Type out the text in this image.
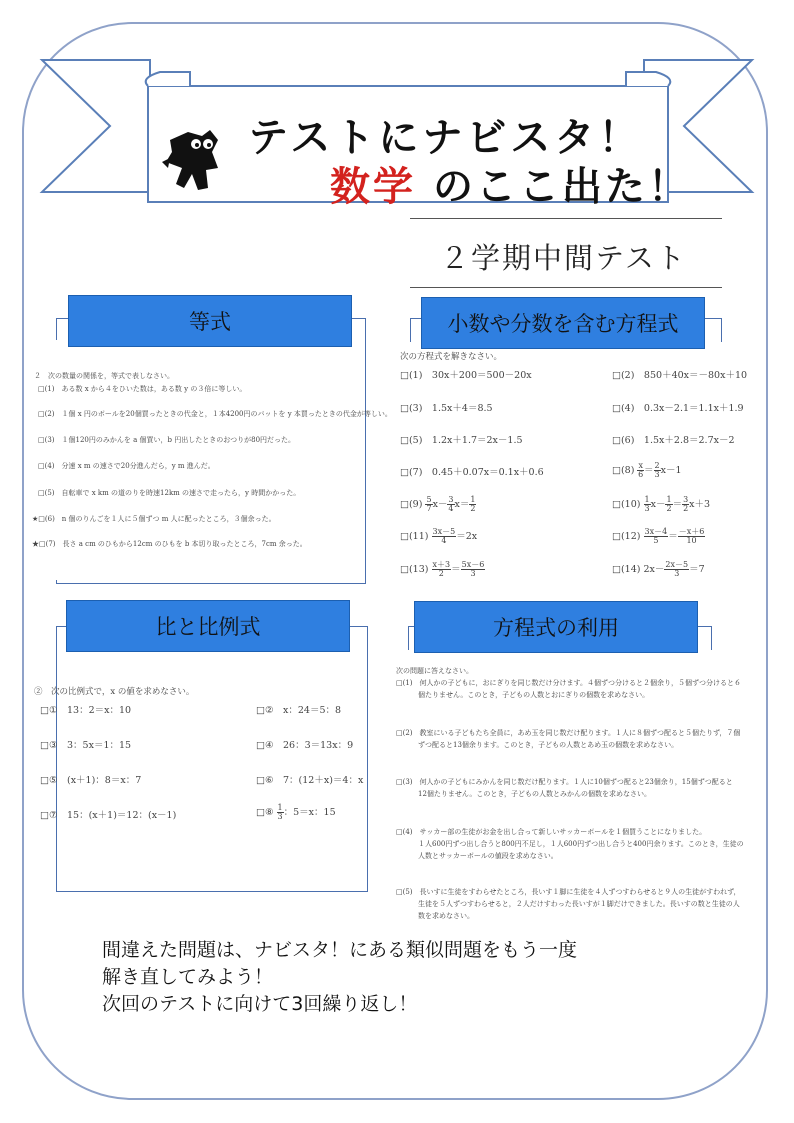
テストにナビスタ！
数学 のここ出た！
２学期中間テスト
等式
２　次の数量の関係を，等式で表しなさい。
□(1)　ある数 x から４をひいた数は，ある数 y の３倍に等しい。
□(2)　１個 x 円のボールを20個買ったときの代金と，１本4200円のバットを y 本買ったときの代金が等しい。
□(3)　１個120円のみかんを a 個買い，b 円出したときのおつりが80円だった。
□(4)　分速 x m の速さで20分進んだら，y m 進んだ。
□(5)　自転車で x km の道のりを時速12km の速さで走ったら，y 時間かかった。
★□(6)　n 個のりんごを１人に５個ずつ m 人に配ったところ，３個余った。
★□(7)　長さ a cm のひもから12cm のひもを b 本切り取ったところ，7cm 余った。
小数や分数を含む方程式
次の方程式を解きなさい。
□(1)　30x＋200＝500－20x	□(2)　850＋40x＝－80x＋10
□(3)　1.5x＋4＝8.5	□(4)　0.3x－2.1＝1.1x＋1.9
□(5)　1.2x＋1.7＝2x－1.5	□(6)　1.5x＋2.8＝2.7x－2
□(7)　0.45＋0.07x＝0.1x＋0.6	□(8) $\frac{x}{6} = \frac{2}{3} x-1$
□(9) $\frac{5}{7} x- \frac{3}{4} x= \frac{1}{2}$	□(10) $\frac{1}{3} x- \frac{1}{2} = \frac{3}{2} x+3$
□(11) $\frac{3x-5}{4} =2x$	□(12) $\frac{3x-4}{5} = \frac{-x+6}{10}$
□(13) $\frac{x+3}{2} = \frac{5x-6}{3}$	□(14) $2x- \frac{2x-5}{3} =7$
比と比例式
②　次の比例式で，x の値を求めなさい。
□①　13：2＝x：10	□②　x：24＝5：8
□③　3：5x＝1：15	□④　26：3＝13x：9
□⑤　(x＋1)：8＝x：7	□⑥　7：(12＋x)＝4：x
□⑦　15：(x＋1)＝12：(x－1)	□⑧ $\frac{1}{3}$ ：5＝x：15
方程式の利用
次の問題に答えなさい。
□(1)　何人かの子どもに，おにぎりを同じ数だけ分けます。４個ずつ分けると２個余り，５個ずつ分けると６
個たりません。このとき，子どもの人数とおにぎりの個数を求めなさい。
□(2)　教室にいる子どもたち全員に，あめ玉を同じ数だけ配ります。１人に８個ずつ配ると５個たりず，７個
ずつ配ると13個余ります。このとき，子どもの人数とあめ玉の個数を求めなさい。
□(3)　何人かの子どもにみかんを同じ数だけ配ります。１人に10個ずつ配ると23個余り，15個ずつ配ると
12個たりません。このとき，子どもの人数とみかんの個数を求めなさい。
□(4)　サッカー部の生徒がお金を出し合って新しいサッカーボールを１個買うことになりました。
１人600円ずつ出し合うと800円不足し，１人600円ずつ出し合うと400円余ります。このとき，生徒の
人数とサッカーボールの値段を求めなさい。
□(5)　長いすに生徒をすわらせたところ，長いす１脚に生徒を４人ずつすわらせると９人の生徒がすわれず，
生徒を５人ずつすわらせると，２人だけすわった長いすが１脚だけできました。長いすの数と生徒の人
数を求めなさい。
間違えた問題は、ナビスタ！にある類似問題をもう一度
解き直してみよう！
次回のテストに向けて3回繰り返し！
